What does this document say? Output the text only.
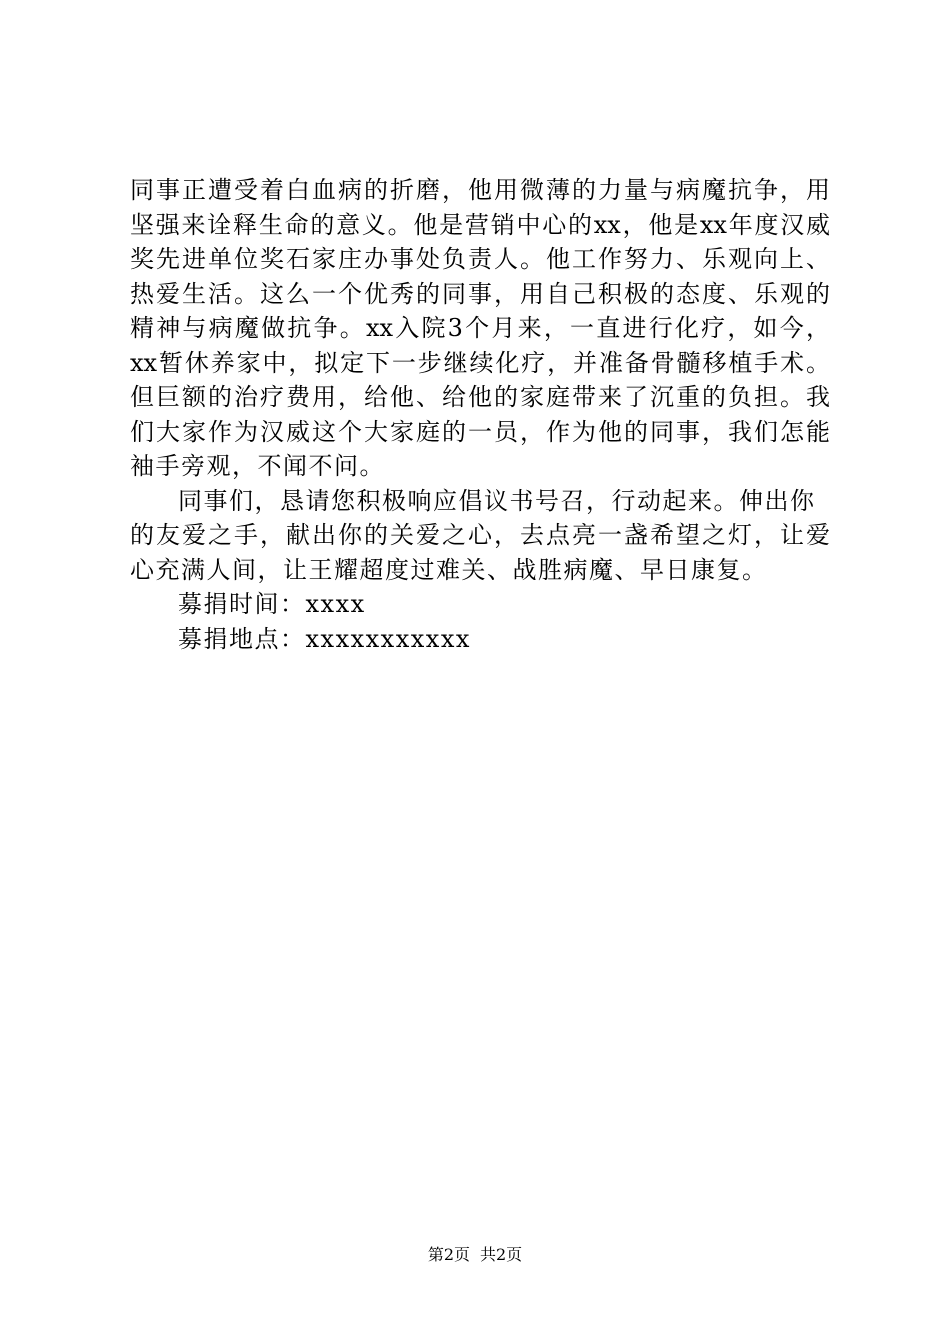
同事正遭受着白血病的折磨，他用微薄的力量与病魔抗争，用
坚强来诠释生命的意义。他是营销中心的xx，他是xx年度汉威
奖先进单位奖石家庄办事处负责人。他工作努力、乐观向上、
热爱生活。这么一个优秀的同事，用自己积极的态度、乐观的
精神与病魔做抗争。xx入院3个月来，一直进行化疗，如今，
xx暂休养家中，拟定下一步继续化疗，并准备骨髓移植手术。
但巨额的治疗费用，给他、给他的家庭带来了沉重的负担。我
们大家作为汉威这个大家庭的一员，作为他的同事，我们怎能
袖手旁观，不闻不问。
同事们，恳请您积极响应倡议书号召，行动起来。伸出你
的友爱之手，献出你的关爱之心，去点亮一盏希望之灯，让爱
心充满人间，让王耀超度过难关、战胜病魔、早日康复。
募捐时间：xxxx
募捐地点：xxxxxxxxxxx
第2页 共2页
